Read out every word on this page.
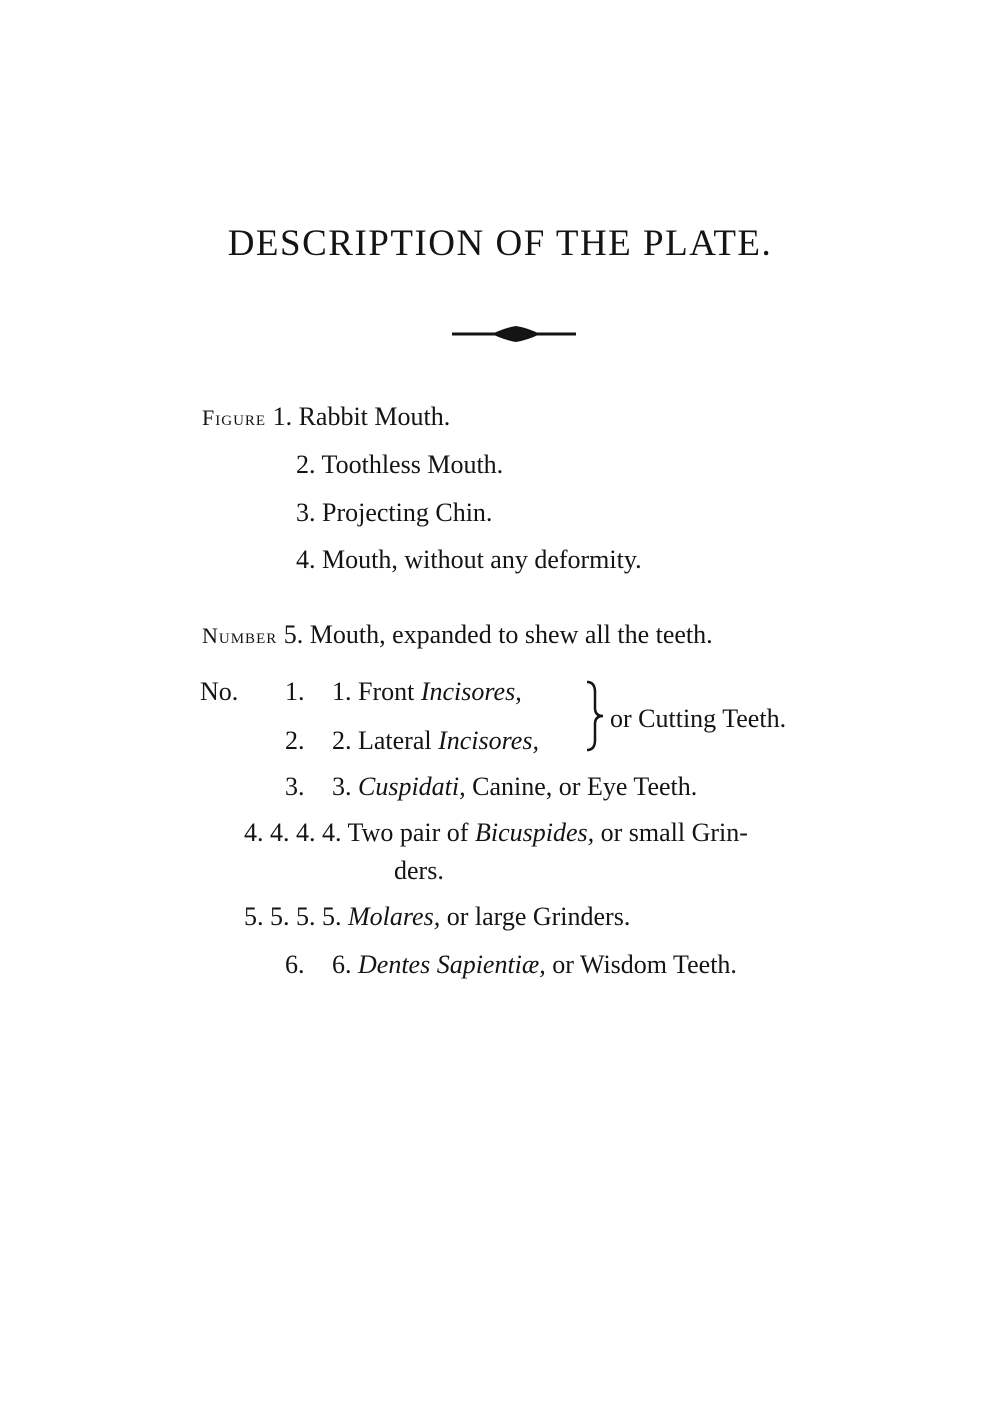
DESCRIPTION OF THE PLATE.
Figure 1. Rabbit Mouth.
2. Toothless Mouth.
3. Projecting Chin.
4. Mouth, without any deformity.
Number 5. Mouth, expanded to shew all the teeth.
No. 1. 1. Front Incisores,
2. 2. Lateral Incisores,
or Cutting Teeth.
3. 3. Cuspidati, Canine, or Eye Teeth.
4. 4. 4. 4. Two pair of Bicuspides, or small Grin-
ders.
5. 5. 5. 5. Molares, or large Grinders.
6. 6. Dentes Sapientiæ, or Wisdom Teeth.
